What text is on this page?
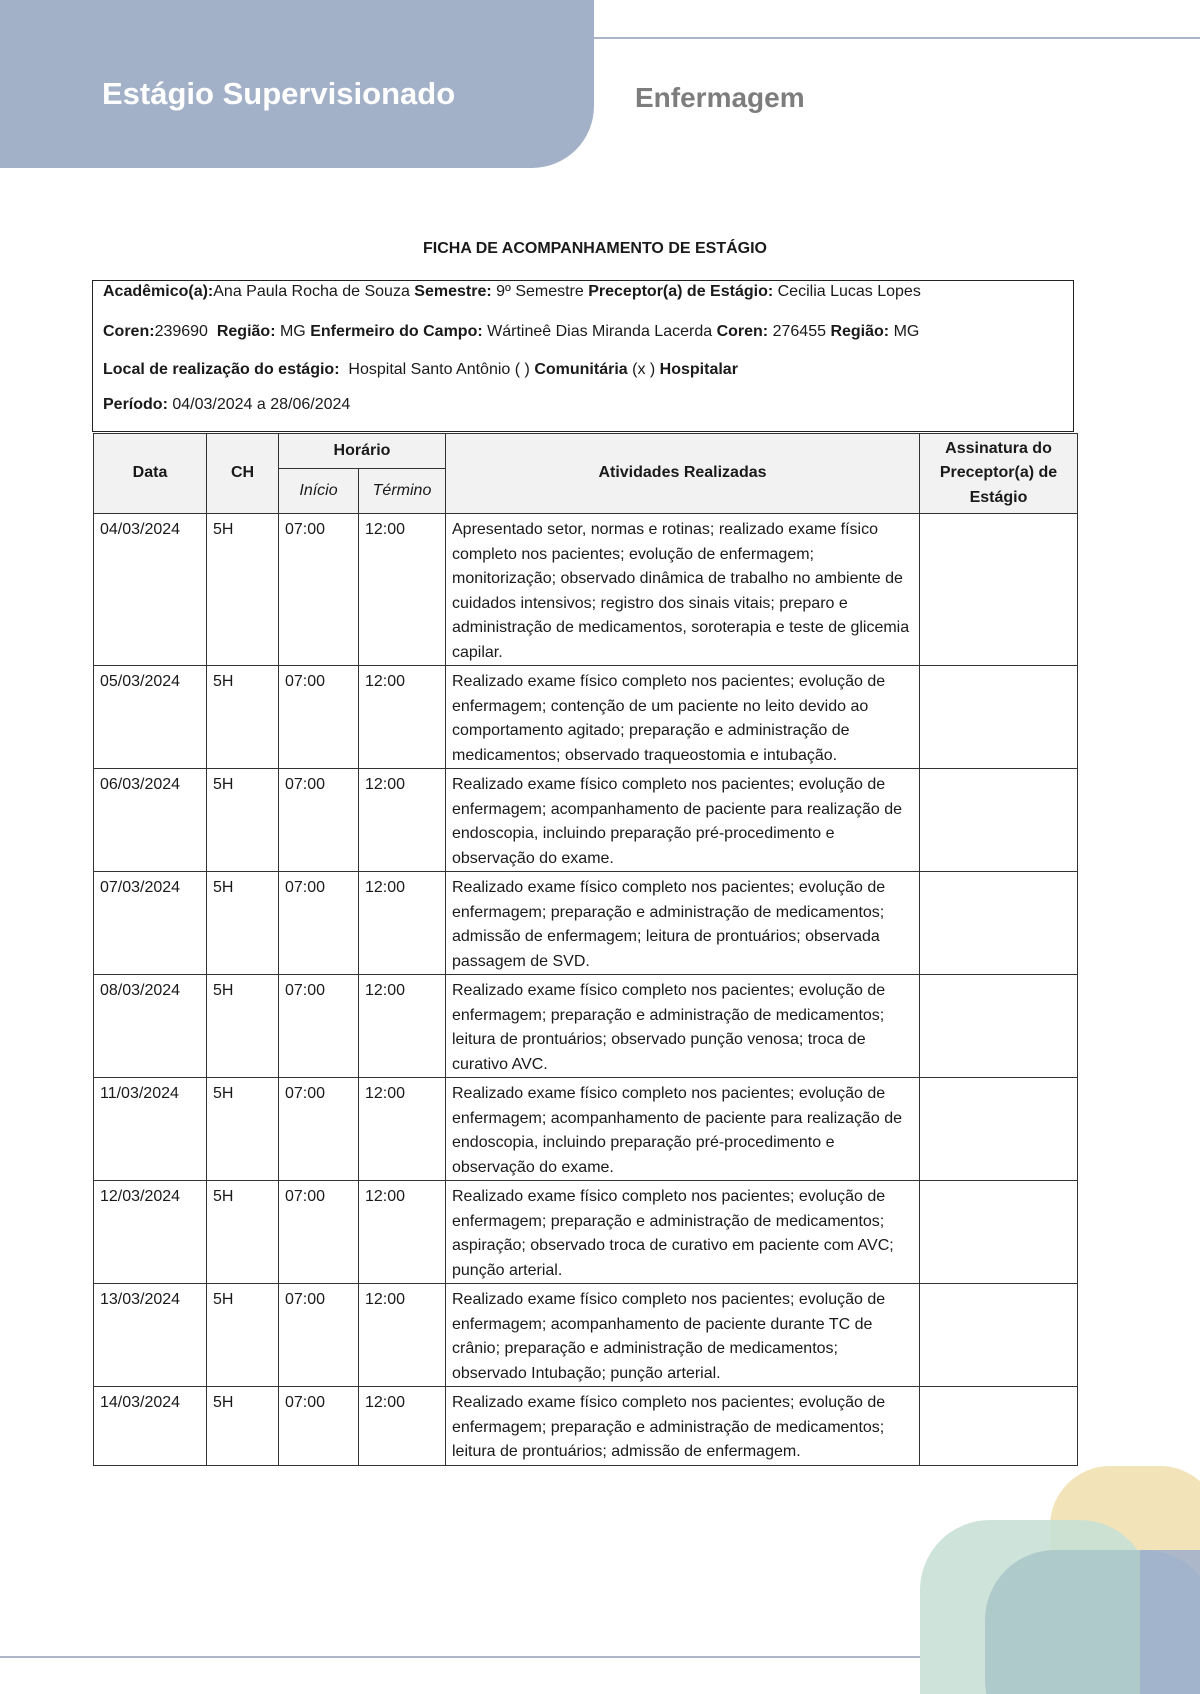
Estágio Supervisionado	Enfermagem
FICHA DE ACOMPANHAMENTO DE ESTÁGIO
Acadêmico(a):Ana Paula Rocha de Souza Semestre: 9º Semestre Preceptor(a) de Estágio: Cecilia Lucas Lopes
Coren:239690 Região: MG Enfermeiro do Campo: Wártineê Dias Miranda Lacerda Coren: 276455 Região: MG
Local de realização do estágio: Hospital Santo Antônio ( ) Comunitária (x ) Hospitalar
Período: 04/03/2024 a 28/06/2024
Data	CH	Horário		Atividades Realizadas	Assinatura do Preceptor(a) de Estágio
		Início	Término		
04/03/2024	5H	07:00	12:00	Apresentado setor, normas e rotinas; realizado exame físico completo nos pacientes; evolução de enfermagem; monitorização; observado dinâmica de trabalho no ambiente de cuidados intensivos; registro dos sinais vitais; preparo e administração de medicamentos, soroterapia e teste de glicemia capilar.	
05/03/2024	5H	07:00	12:00	Realizado exame físico completo nos pacientes; evolução de enfermagem; contenção de um paciente no leito devido ao comportamento agitado; preparação e administração de medicamentos; observado traqueostomia e intubação.	
06/03/2024	5H	07:00	12:00	Realizado exame físico completo nos pacientes; evolução de enfermagem; acompanhamento de paciente para realização de endoscopia, incluindo preparação pré-procedimento e observação do exame.	
07/03/2024	5H	07:00	12:00	Realizado exame físico completo nos pacientes; evolução de enfermagem; preparação e administração de medicamentos; admissão de enfermagem; leitura de prontuários; observada passagem de SVD.	
08/03/2024	5H	07:00	12:00	Realizado exame físico completo nos pacientes; evolução de enfermagem; preparação e administração de medicamentos; leitura de prontuários; observado punção venosa; troca de curativo AVC.	
11/03/2024	5H	07:00	12:00	Realizado exame físico completo nos pacientes; evolução de enfermagem; acompanhamento de paciente para realização de endoscopia, incluindo preparação pré-procedimento e observação do exame.	
12/03/2024	5H	07:00	12:00	Realizado exame físico completo nos pacientes; evolução de enfermagem; preparação e administração de medicamentos; aspiração; observado troca de curativo em paciente com AVC; punção arterial.	
13/03/2024	5H	07:00	12:00	Realizado exame físico completo nos pacientes; evolução de enfermagem; acompanhamento de paciente durante TC de crânio; preparação e administração de medicamentos; observado Intubação; punção arterial.	
14/03/2024	5H	07:00	12:00	Realizado exame físico completo nos pacientes; evolução de enfermagem; preparação e administração de medicamentos; leitura de prontuários; admissão de enfermagem.	
